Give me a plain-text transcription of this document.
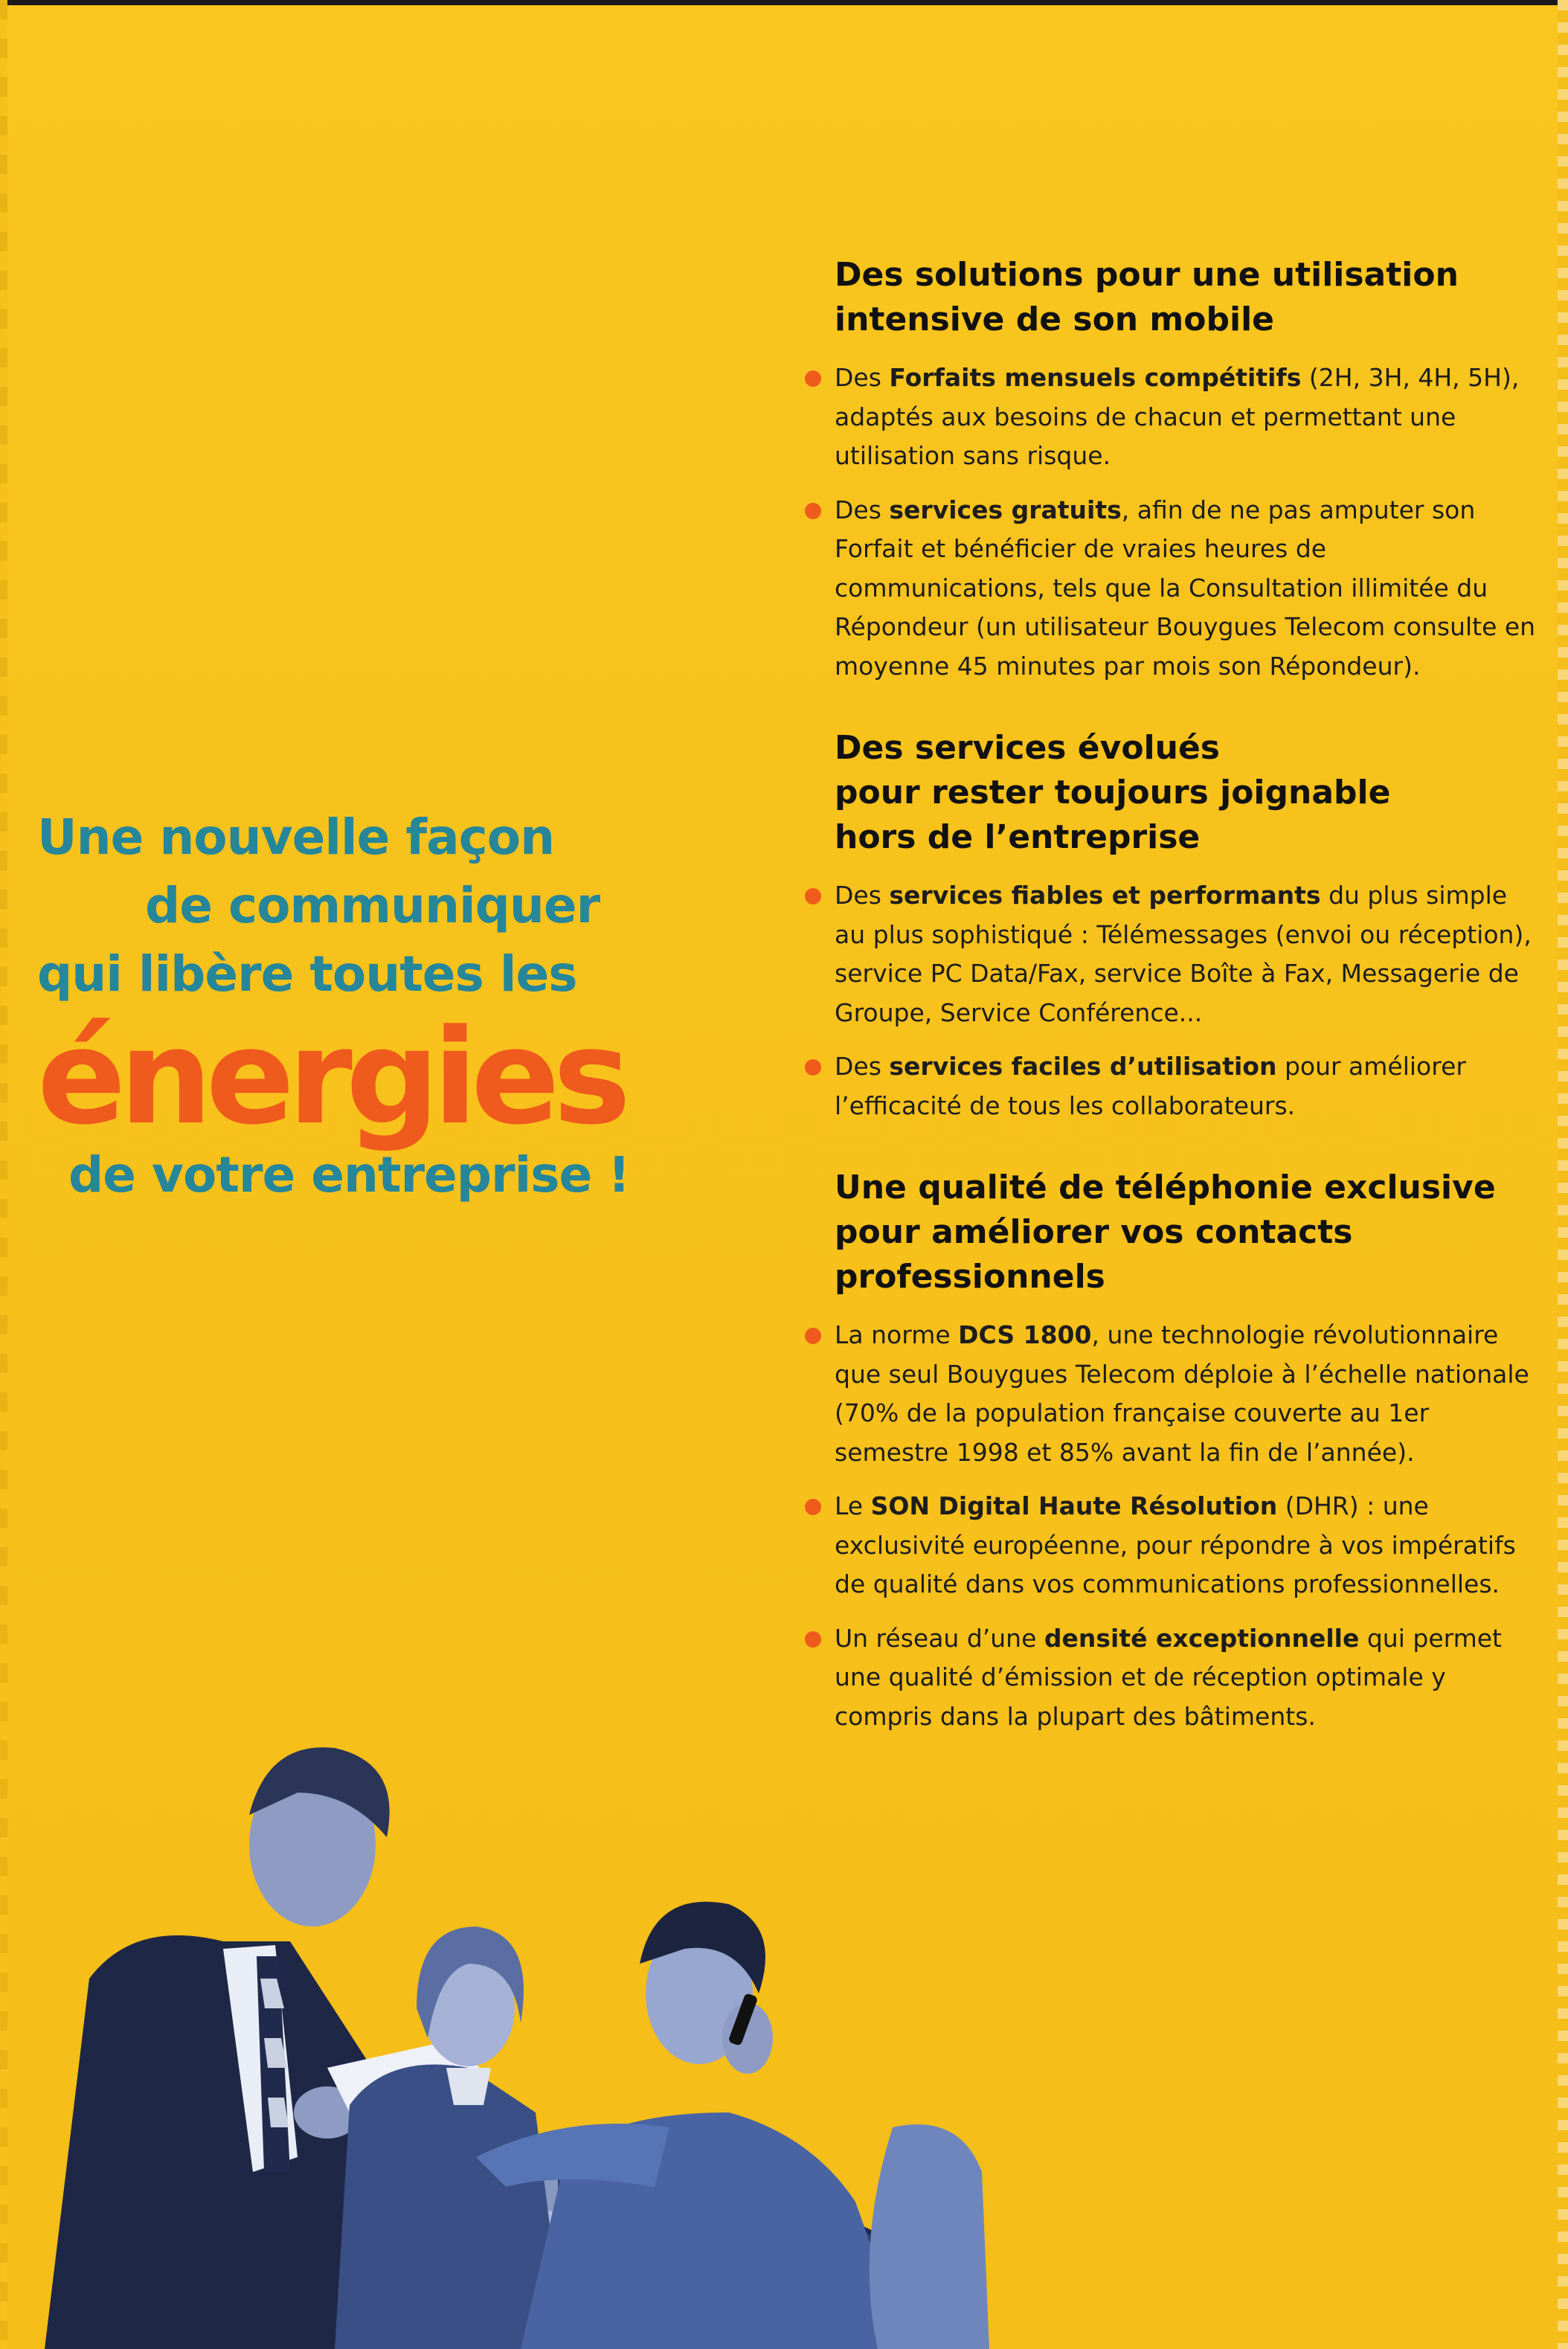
Une nouvelle façon
de communiquer
qui libère toutes les
énergies
de votre entreprise !
Des solutions pour une utilisation
intensive de son mobile
Des Forfaits mensuels compétitifs (2H, 3H, 4H, 5H), adaptés aux besoins de chacun et permettant une utilisation sans risque.
Des services gratuits, afin de ne pas amputer son Forfait et bénéficier de vraies heures de communications, tels que la Consultation illimitée du Répondeur (un utilisateur Bouygues Telecom consulte en moyenne 45 minutes par mois son Répondeur).
Des services évolués
pour rester toujours joignable
hors de l’entreprise
Des services fiables et performants du plus simple au plus sophistiqué : Télémessages (envoi ou réception), service PC Data/Fax, service Boîte à Fax, Messagerie de Groupe, Service Conférence...
Des services faciles d’utilisation pour améliorer l’efficacité de tous les collaborateurs.
Une qualité de téléphonie exclusive
pour améliorer vos contacts
professionnels
La norme DCS 1800, une technologie révolutionnaire que seul Bouygues Telecom déploie à l’échelle nationale (70% de la population française couverte au 1er semestre 1998 et 85% avant la fin de l’année).
Le SON Digital Haute Résolution (DHR) : une exclusivité européenne, pour répondre à vos impératifs de qualité dans vos communications professionnelles.
Un réseau d’une densité exceptionnelle qui permet une qualité d’émission et de réception optimale y compris dans la plupart des bâtiments.
